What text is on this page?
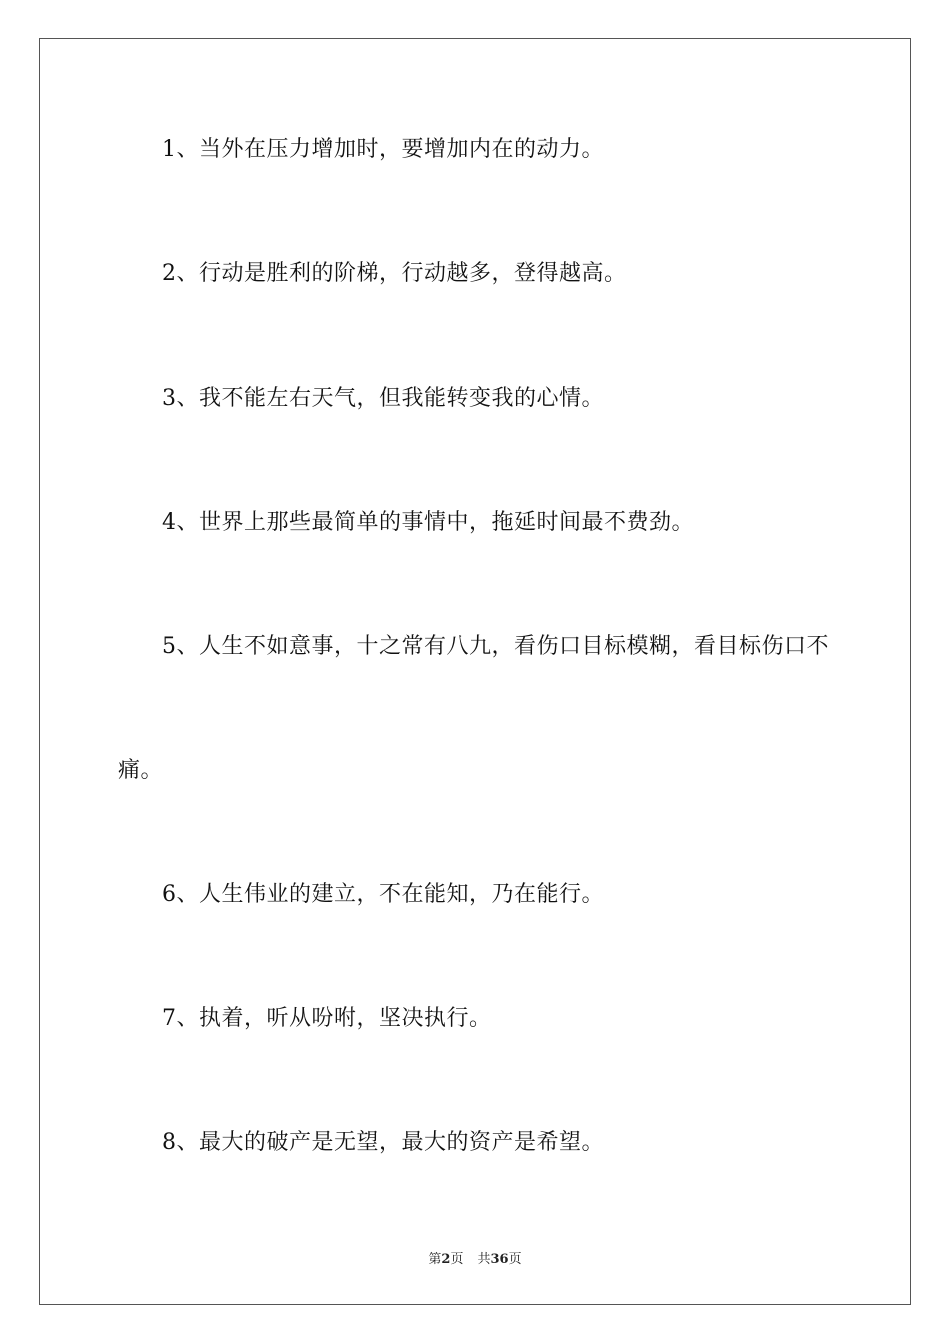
1、当外在压力增加时，要增加内在的动力。
2、行动是胜利的阶梯，行动越多，登得越高。
3、我不能左右天气，但我能转变我的心情。
4、世界上那些最简单的事情中，拖延时间最不费劲。
5、人生不如意事，十之常有八九，看伤口目标模糊，看目标伤口不痛。
6、人生伟业的建立，不在能知，乃在能行。
7、执着，听从吩咐，坚决执行。
8、最大的破产是无望，最大的资产是希望。
第2页 共36页
